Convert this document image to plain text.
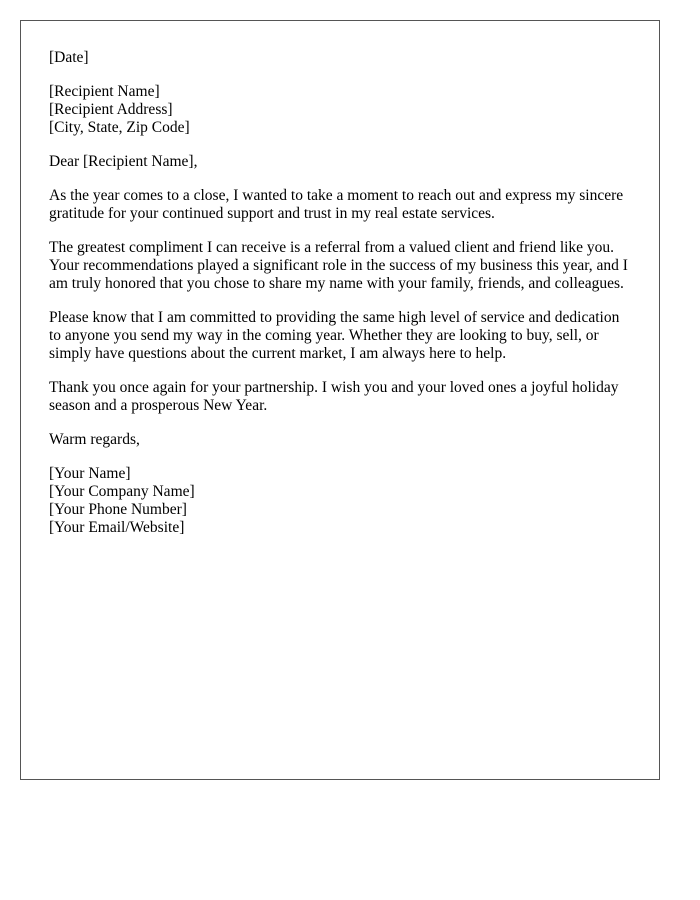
[Date]
[Recipient Name]
[Recipient Address]
[City, State, Zip Code]
Dear [Recipient Name],

As the year comes to a close, I wanted to take a moment to reach out and express my sincere gratitude for your continued support and trust in my real estate services.

The greatest compliment I can receive is a referral from a valued client and friend like you. Your recommendations played a significant role in the success of my business this year, and I am truly honored that you chose to share my name with your family, friends, and colleagues.

Please know that I am committed to providing the same high level of service and dedication to anyone you send my way in the coming year. Whether they are looking to buy, sell, or simply have questions about the current market, I am always here to help.

Thank you once again for your partnership. I wish you and your loved ones a joyful holiday season and a prosperous New Year.

Warm regards,
[Your Name]
[Your Company Name]
[Your Phone Number]
[Your Email/Website]
